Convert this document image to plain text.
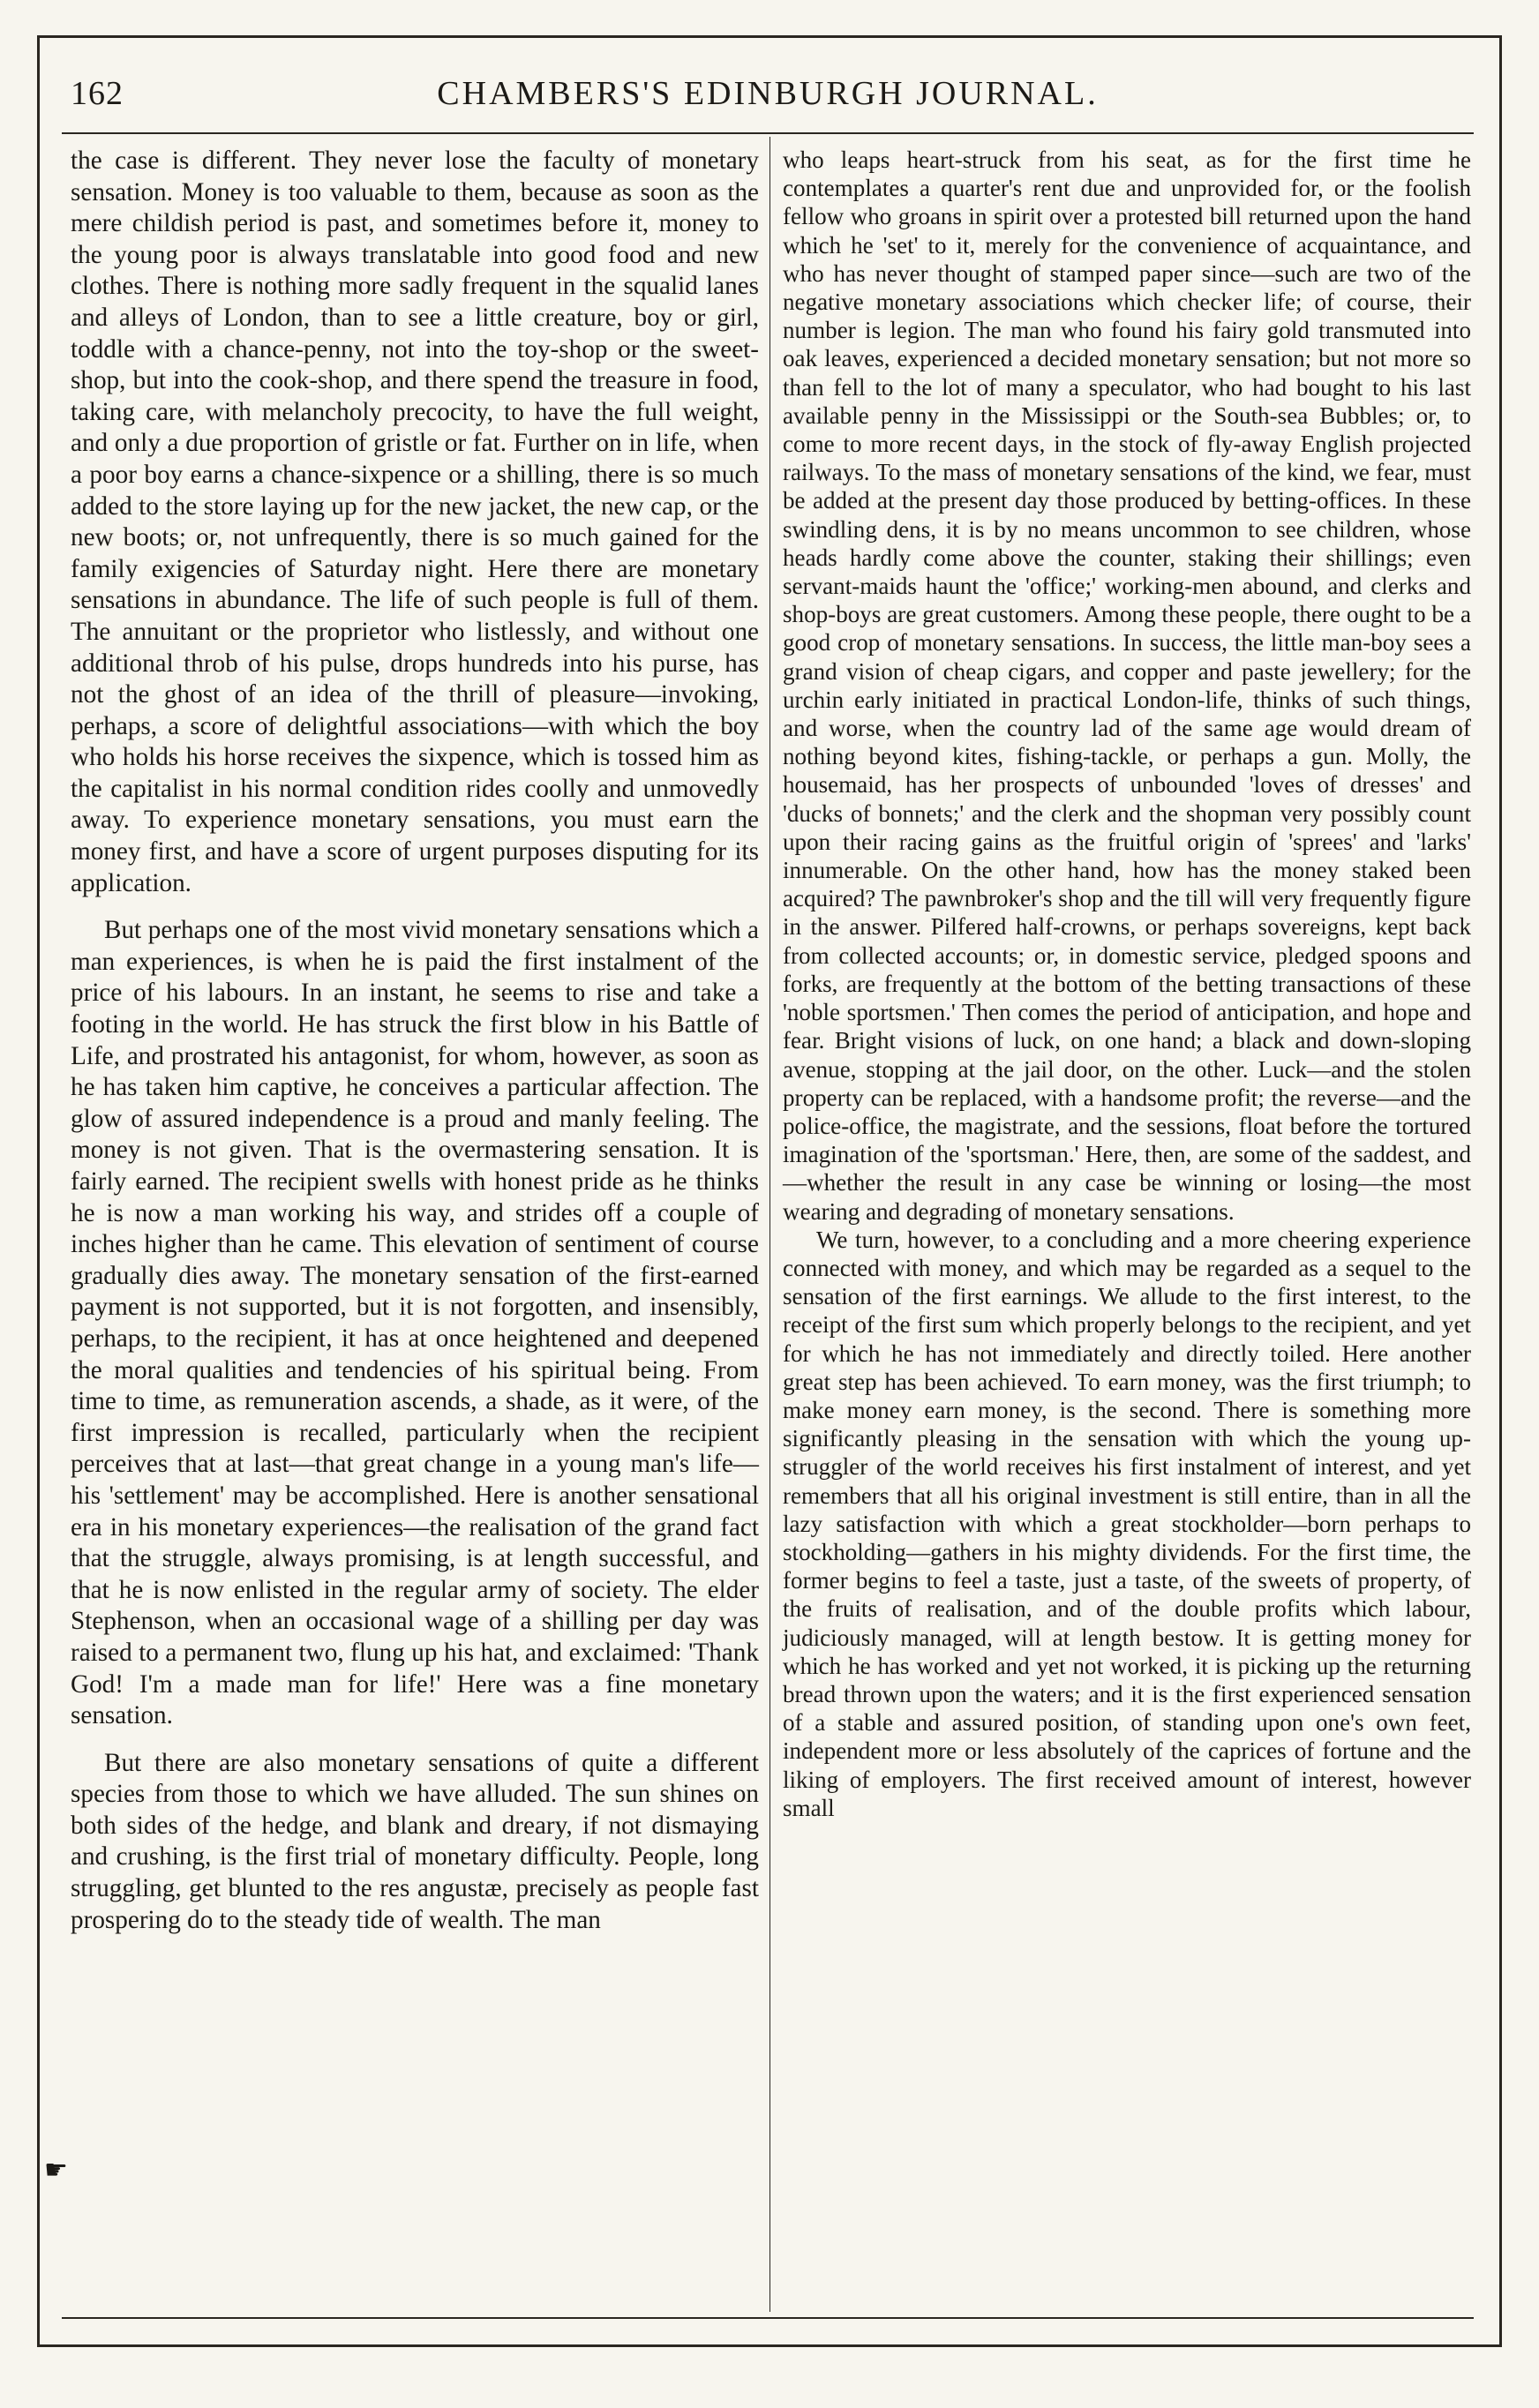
162	CHAMBERS'S EDINBURGH JOURNAL.

the case is different. They never lose the faculty of monetary sensation. Money is too valuable to them, because as soon as the mere childish period is past, and sometimes before it, money to the young poor is always translatable into good food and new clothes. There is nothing more sadly frequent in the squalid lanes and alleys of London, than to see a little creature, boy or girl, toddle with a chance-penny, not into the toy-shop or the sweet-shop, but into the cook-shop, and there spend the treasure in food, taking care, with melancholy precocity, to have the full weight, and only a due proportion of gristle or fat. Further on in life, when a poor boy earns a chance-sixpence or a shilling, there is so much added to the store laying up for the new jacket, the new cap, or the new boots; or, not unfrequently, there is so much gained for the family exigencies of Saturday night. Here there are monetary sensations in abundance. The life of such people is full of them. The annuitant or the proprietor who listlessly, and without one additional throb of his pulse, drops hundreds into his purse, has not the ghost of an idea of the thrill of pleasure—invoking, perhaps, a score of delightful associations—with which the boy who holds his horse receives the sixpence, which is tossed him as the capitalist in his normal condition rides coolly and unmovedly away. To experience monetary sensations, you must earn the money first, and have a score of urgent purposes disputing for its application.

But perhaps one of the most vivid monetary sensations which a man experiences, is when he is paid the first instalment of the price of his labours. In an instant, he seems to rise and take a footing in the world. He has struck the first blow in his Battle of Life, and prostrated his antagonist, for whom, however, as soon as he has taken him captive, he conceives a particular affection. The glow of assured independence is a proud and manly feeling. The money is not given. That is the overmastering sensation. It is fairly earned. The recipient swells with honest pride as he thinks he is now a man working his way, and strides off a couple of inches higher than he came. This elevation of sentiment of course gradually dies away. The monetary sensation of the first-earned payment is not supported, but it is not forgotten, and insensibly, perhaps, to the recipient, it has at once heightened and deepened the moral qualities and tendencies of his spiritual being. From time to time, as remuneration ascends, a shade, as it were, of the first impression is recalled, particularly when the recipient perceives that at last—that great change in a young man's life—his 'settlement' may be accomplished. Here is another sensational era in his monetary experiences—the realisation of the grand fact that the struggle, always promising, is at length successful, and that he is now enlisted in the regular army of society. The elder Stephenson, when an occasional wage of a shilling per day was raised to a permanent two, flung up his hat, and exclaimed: 'Thank God! I'm a made man for life!' Here was a fine monetary sensation.

But there are also monetary sensations of quite a different species from those to which we have alluded. The sun shines on both sides of the hedge, and blank and dreary, if not dismaying and crushing, is the first trial of monetary difficulty. People, long struggling, get blunted to the res angustæ, precisely as people fast prospering do to the steady tide of wealth. The man

☛

who leaps heart-struck from his seat, as for the first time he contemplates a quarter's rent due and unprovided for, or the foolish fellow who groans in spirit over a protested bill returned upon the hand which he 'set' to it, merely for the convenience of acquaintance, and who has never thought of stamped paper since—such are two of the negative monetary associations which checker life; of course, their number is legion. The man who found his fairy gold transmuted into oak leaves, experienced a decided monetary sensation; but not more so than fell to the lot of many a speculator, who had bought to his last available penny in the Mississippi or the South-sea Bubbles; or, to come to more recent days, in the stock of fly-away English projected railways. To the mass of monetary sensations of the kind, we fear, must be added at the present day those produced by betting-offices. In these swindling dens, it is by no means uncommon to see children, whose heads hardly come above the counter, staking their shillings; even servant-maids haunt the 'office;' working-men abound, and clerks and shop-boys are great customers. Among these people, there ought to be a good crop of monetary sensations. In success, the little man-boy sees a grand vision of cheap cigars, and copper and paste jewellery; for the urchin early initiated in practical London-life, thinks of such things, and worse, when the country lad of the same age would dream of nothing beyond kites, fishing-tackle, or perhaps a gun. Molly, the housemaid, has her prospects of unbounded 'loves of dresses' and 'ducks of bonnets;' and the clerk and the shopman very possibly count upon their racing gains as the fruitful origin of 'sprees' and 'larks' innumerable. On the other hand, how has the money staked been acquired? The pawnbroker's shop and the till will very frequently figure in the answer. Pilfered half-crowns, or perhaps sovereigns, kept back from collected accounts; or, in domestic service, pledged spoons and forks, are frequently at the bottom of the betting transactions of these 'noble sportsmen.' Then comes the period of anticipation, and hope and fear. Bright visions of luck, on one hand; a black and down-sloping avenue, stopping at the jail door, on the other. Luck—and the stolen property can be replaced, with a handsome profit; the reverse—and the police-office, the magistrate, and the sessions, float before the tortured imagination of the 'sportsman.' Here, then, are some of the saddest, and—whether the result in any case be winning or losing—the most wearing and degrading of monetary sensations.

We turn, however, to a concluding and a more cheering experience connected with money, and which may be regarded as a sequel to the sensation of the first earnings. We allude to the first interest, to the receipt of the first sum which properly belongs to the recipient, and yet for which he has not immediately and directly toiled. Here another great step has been achieved. To earn money, was the first triumph; to make money earn money, is the second. There is something more significantly pleasing in the sensation with which the young up-struggler of the world receives his first instalment of interest, and yet remembers that all his original investment is still entire, than in all the lazy satisfaction with which a great stockholder—born perhaps to stockholding—gathers in his mighty dividends. For the first time, the former begins to feel a taste, just a taste, of the sweets of property, of the fruits of realisation, and of the double profits which labour, judiciously managed, will at length bestow. It is getting money for which he has worked and yet not worked, it is picking up the returning bread thrown upon the waters; and it is the first experienced sensation of a stable and assured position, of standing upon one's own feet, independent more or less absolutely of the caprices of fortune and the liking of employers. The first received amount of interest, however small
